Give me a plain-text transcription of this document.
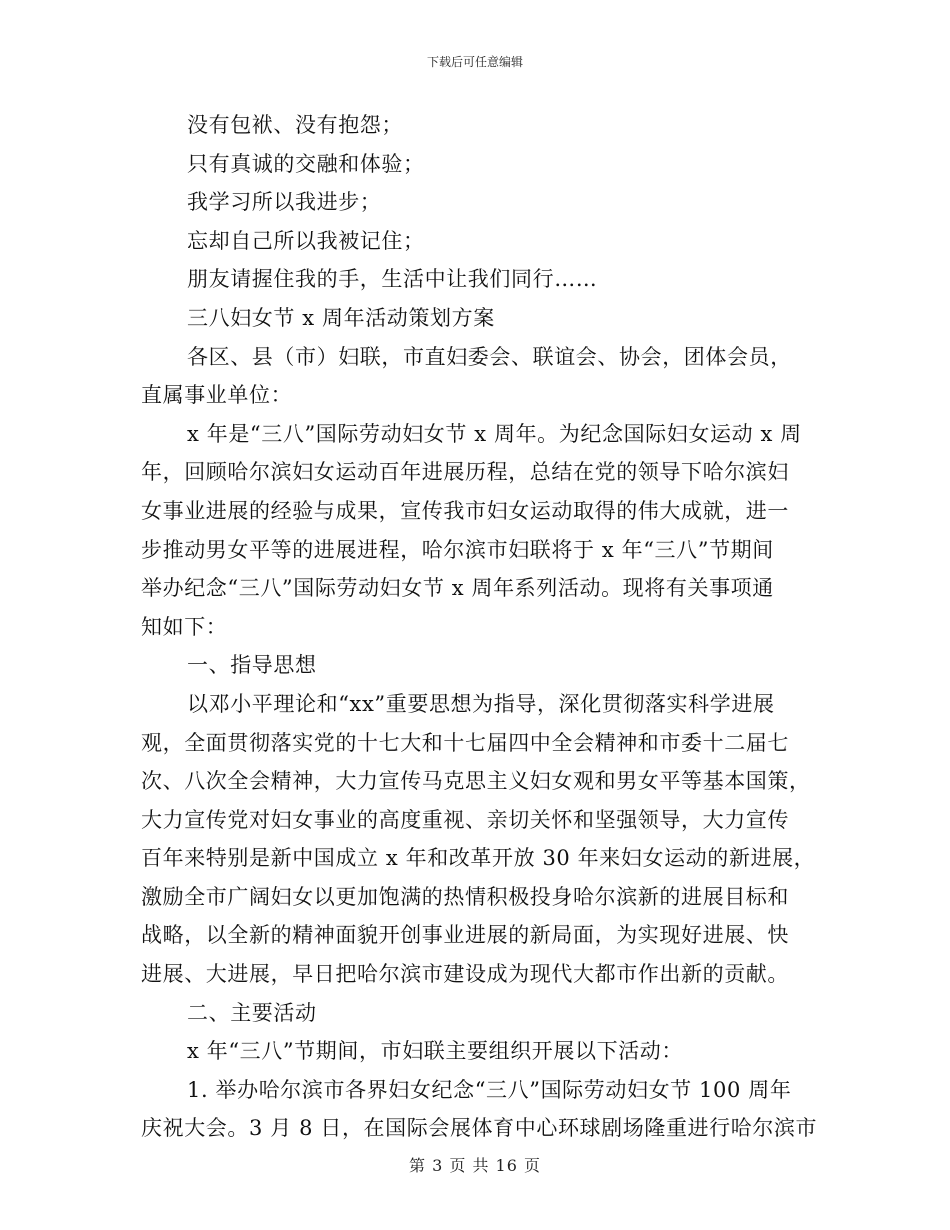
下载后可任意编辑
没有包袱、没有抱怨；
只有真诚的交融和体验；
我学习所以我进步；
忘却自己所以我被记住；
朋友请握住我的手，生活中让我们同行……
三八妇女节 x 周年活动策划方案
各区、县（市）妇联，市直妇委会、联谊会、协会，团体会员，
直属事业单位：
x 年是“三八”国际劳动妇女节 x 周年。为纪念国际妇女运动 x 周
年，回顾哈尔滨妇女运动百年进展历程，总结在党的领导下哈尔滨妇
女事业进展的经验与成果，宣传我市妇女运动取得的伟大成就，进一
步推动男女平等的进展进程，哈尔滨市妇联将于 x 年“三八”节期间
举办纪念“三八”国际劳动妇女节 x 周年系列活动。现将有关事项通
知如下：
一、指导思想
以邓小平理论和“xx”重要思想为指导，深化贯彻落实科学进展
观，全面贯彻落实党的十七大和十七届四中全会精神和市委十二届七
次、八次全会精神，大力宣传马克思主义妇女观和男女平等基本国策，
大力宣传党对妇女事业的高度重视、亲切关怀和坚强领导，大力宣传
百年来特别是新中国成立 x 年和改革开放 30 年来妇女运动的新进展，
激励全市广阔妇女以更加饱满的热情积极投身哈尔滨新的进展目标和
战略，以全新的精神面貌开创事业进展的新局面，为实现好进展、快
进展、大进展，早日把哈尔滨市建设成为现代大都市作出新的贡献。
二、主要活动
x 年“三八”节期间，市妇联主要组织开展以下活动：
1. 举办哈尔滨市各界妇女纪念“三八”国际劳动妇女节 100 周年
庆祝大会。3 月 8 日，在国际会展体育中心环球剧场隆重进行哈尔滨市
第 3 页 共 16 页
